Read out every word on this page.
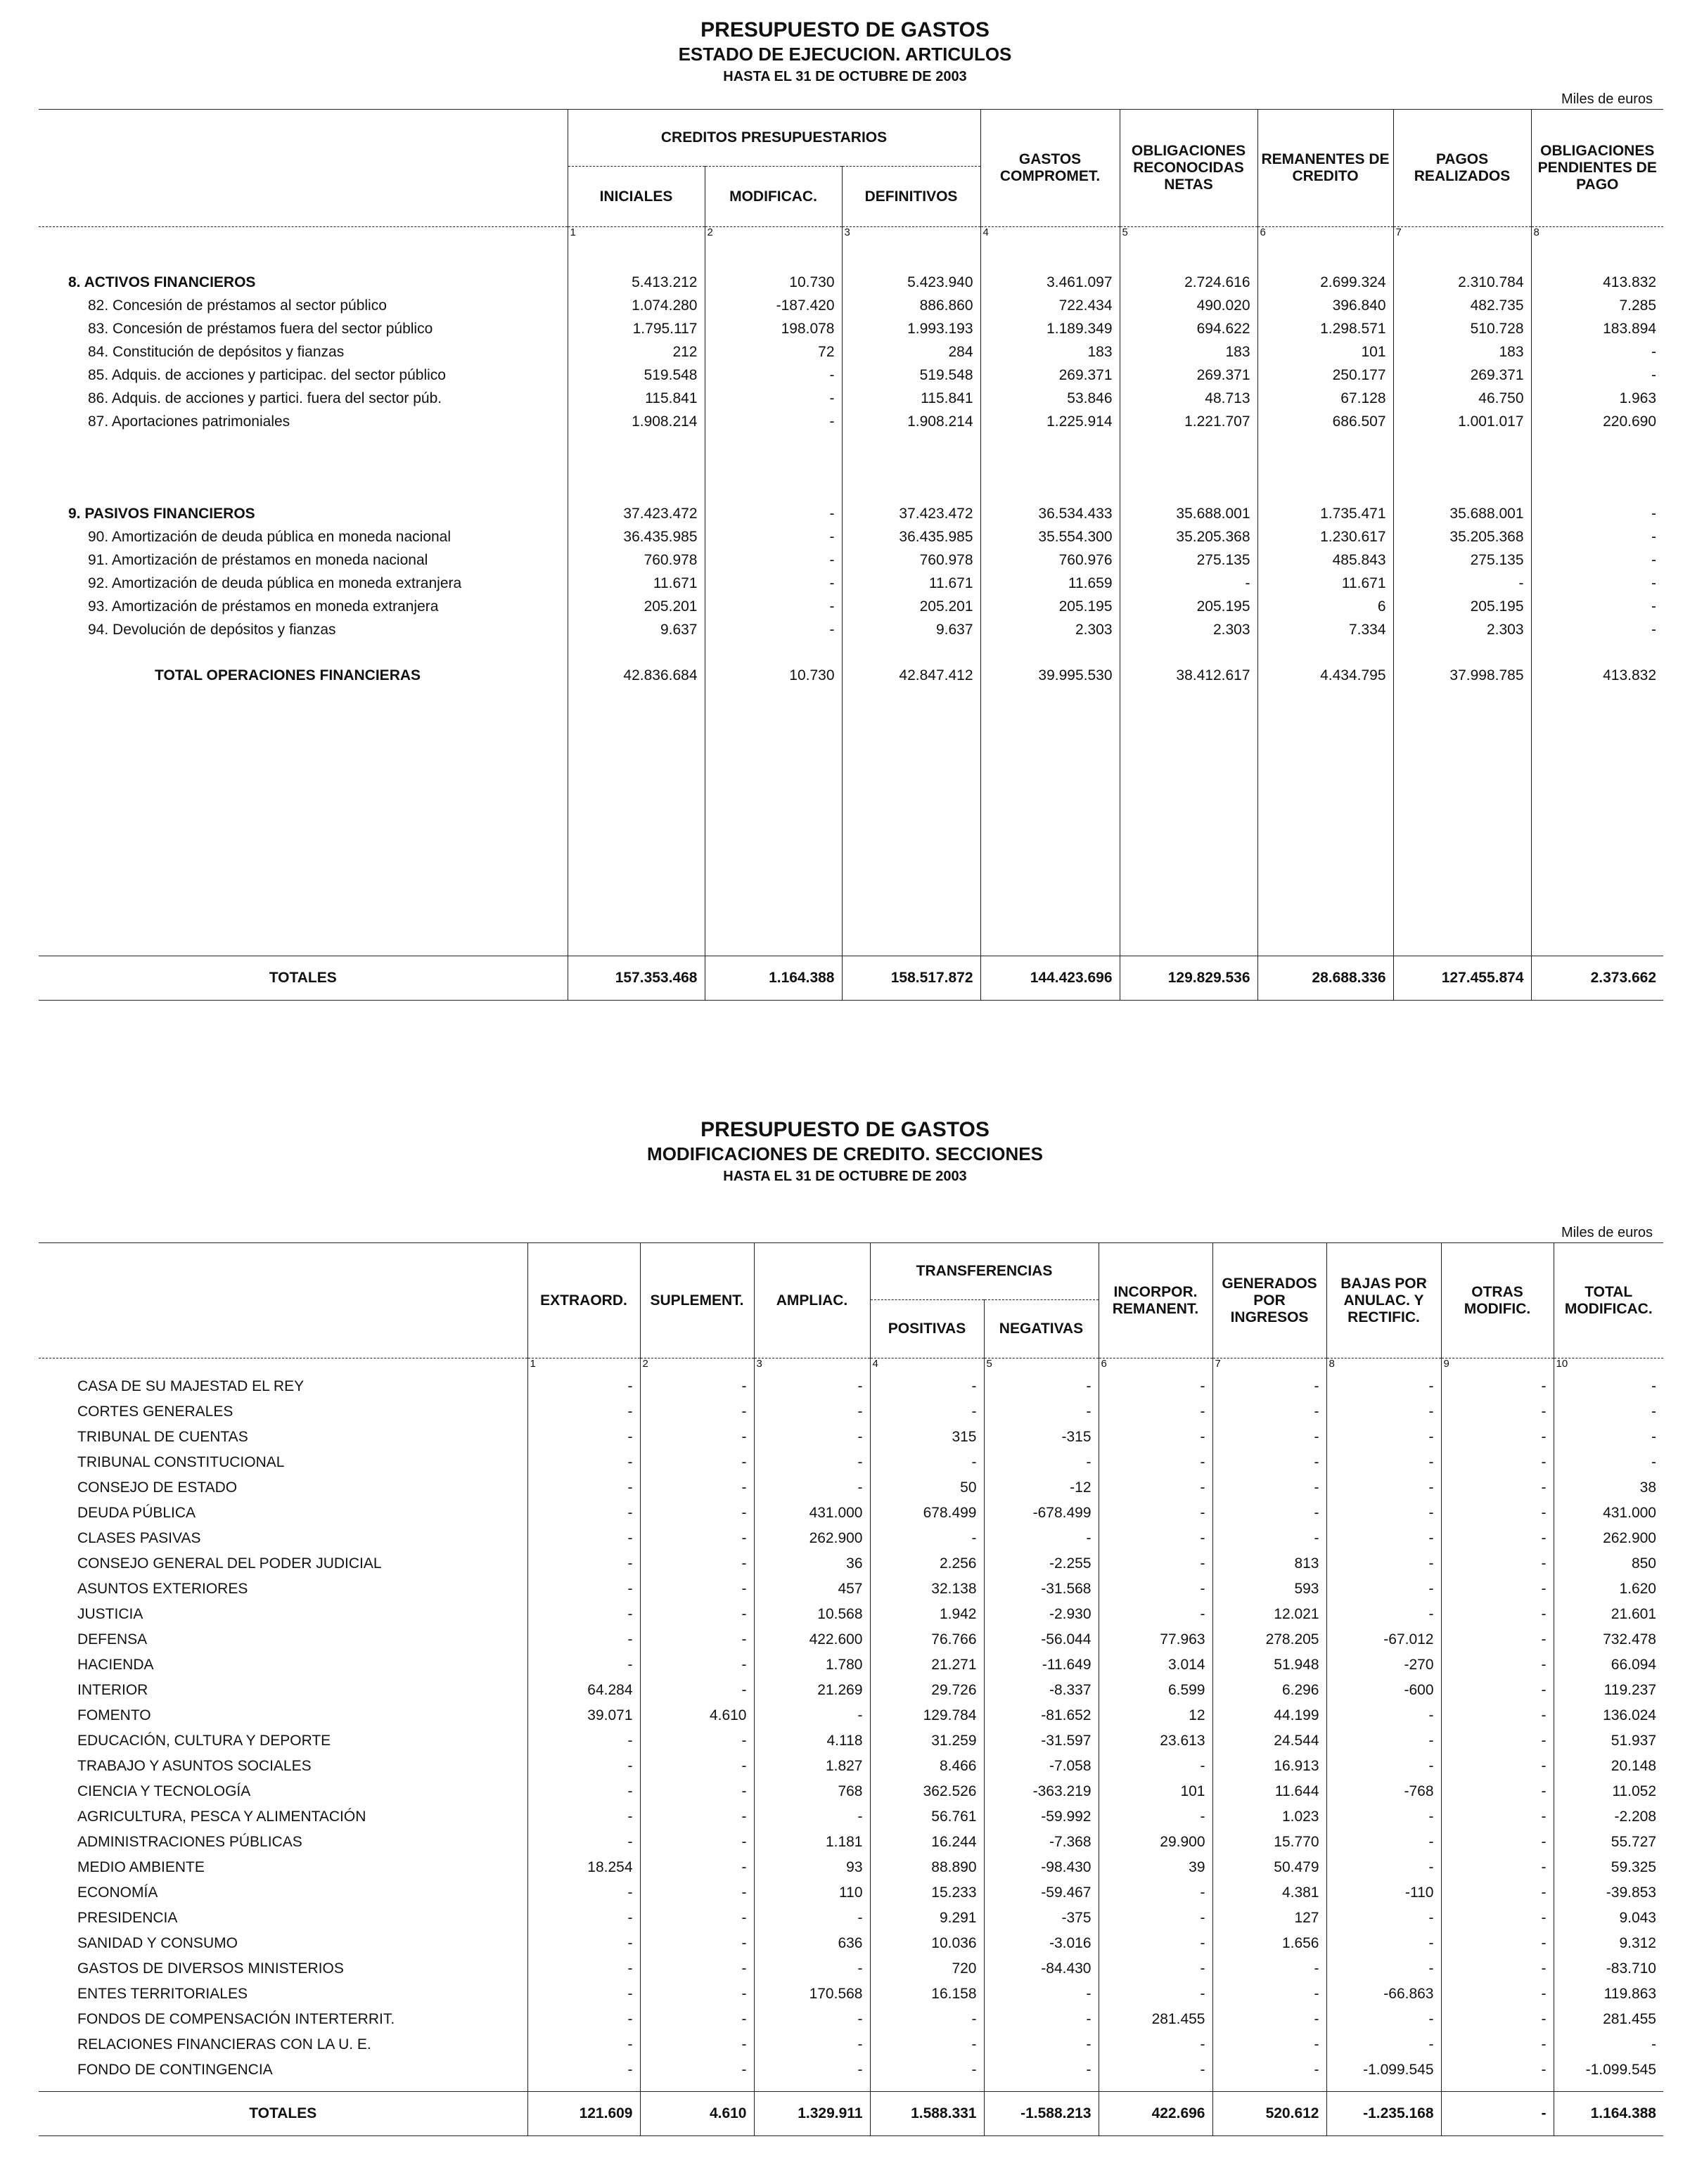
PRESUPUESTO DE GASTOS
ESTADO DE EJECUCION. ARTICULOS
HASTA EL 31 DE OCTUBRE DE 2003
Miles de euros
	CREDITOS PRESUPUESTARIOS			GASTOS COMPROMET.	OBLIGACIONES RECONOCIDAS NETAS	REMANENTES DE CREDITO	PAGOS REALIZADOS	OBLIGACIONES PENDIENTES DE PAGO
	INICIALES	MODIFICAC.	DEFINITIVOS					
	1	2	3	4	5	6	7	8

8. ACTIVOS FINANCIEROS	5.413.212	10.730	5.423.940	3.461.097	2.724.616	2.699.324	2.310.784	413.832
82. Concesión de préstamos al sector público	1.074.280	-187.420	886.860	722.434	490.020	396.840	482.735	7.285
83. Concesión de préstamos fuera del sector público	1.795.117	198.078	1.993.193	1.189.349	694.622	1.298.571	510.728	183.894
84. Constitución de depósitos y fianzas	212	72	284	183	183	101	183	-
85. Adquis. de acciones y participac. del sector público	519.548	-	519.548	269.371	269.371	250.177	269.371	-
86. Adquis. de acciones y partici. fuera del sector púb.	115.841	-	115.841	53.846	48.713	67.128	46.750	1.963
87. Aportaciones patrimoniales	1.908.214	-	1.908.214	1.225.914	1.221.707	686.507	1.001.017	220.690

9. PASIVOS FINANCIEROS	37.423.472	-	37.423.472	36.534.433	35.688.001	1.735.471	35.688.001	-
90. Amortización de deuda pública en moneda nacional	36.435.985	-	36.435.985	35.554.300	35.205.368	1.230.617	35.205.368	-
91. Amortización de préstamos en moneda nacional	760.978	-	760.978	760.976	275.135	485.843	275.135	-
92. Amortización de deuda pública en moneda extranjera	11.671	-	11.671	11.659	-	11.671	-	-
93. Amortización de préstamos en moneda extranjera	205.201	-	205.201	205.195	205.195	6	205.195	-
94. Devolución de depósitos y fianzas	9.637	-	9.637	2.303	2.303	7.334	2.303	-

TOTAL OPERACIONES FINANCIERAS	42.836.684	10.730	42.847.412	39.995.530	38.412.617	4.434.795	37.998.785	413.832

TOTALES	157.353.468	1.164.388	158.517.872	144.423.696	129.829.536	28.688.336	127.455.874	2.373.662
PRESUPUESTO DE GASTOS
MODIFICACIONES DE CREDITO. SECCIONES
HASTA EL 31 DE OCTUBRE DE 2003
Miles de euros
	EXTRAORD.	SUPLEMENT.	AMPLIAC.	TRANSFERENCIAS		INCORPOR. REMANENT.	GENERADOS POR INGRESOS	BAJAS POR ANULAC. Y RECTIFIC.	OTRAS MODIFIC.	TOTAL MODIFICAC.
				POSITIVAS	NEGATIVAS					
	1	2	3	4	5	6	7	8	9	10
CASA DE SU MAJESTAD EL REY	-	-	-	-	-	-	-	-	-	-
CORTES GENERALES	-	-	-	-	-	-	-	-	-	-
TRIBUNAL DE CUENTAS	-	-	-	315	-315	-	-	-	-	-
TRIBUNAL CONSTITUCIONAL	-	-	-	-	-	-	-	-	-	-
CONSEJO DE ESTADO	-	-	-	50	-12	-	-	-	-	38
DEUDA PÚBLICA	-	-	431.000	678.499	-678.499	-	-	-	-	431.000
CLASES PASIVAS	-	-	262.900	-	-	-	-	-	-	262.900
CONSEJO GENERAL DEL PODER JUDICIAL	-	-	36	2.256	-2.255	-	813	-	-	850
ASUNTOS EXTERIORES	-	-	457	32.138	-31.568	-	593	-	-	1.620
JUSTICIA	-	-	10.568	1.942	-2.930	-	12.021	-	-	21.601
DEFENSA	-	-	422.600	76.766	-56.044	77.963	278.205	-67.012	-	732.478
HACIENDA	-	-	1.780	21.271	-11.649	3.014	51.948	-270	-	66.094
INTERIOR	64.284	-	21.269	29.726	-8.337	6.599	6.296	-600	-	119.237
FOMENTO	39.071	4.610	-	129.784	-81.652	12	44.199	-	-	136.024
EDUCACIÓN, CULTURA Y DEPORTE	-	-	4.118	31.259	-31.597	23.613	24.544	-	-	51.937
TRABAJO Y ASUNTOS SOCIALES	-	-	1.827	8.466	-7.058	-	16.913	-	-	20.148
CIENCIA Y TECNOLOGÍA	-	-	768	362.526	-363.219	101	11.644	-768	-	11.052
AGRICULTURA, PESCA Y ALIMENTACIÓN	-	-	-	56.761	-59.992	-	1.023	-	-	-2.208
ADMINISTRACIONES PÚBLICAS	-	-	1.181	16.244	-7.368	29.900	15.770	-	-	55.727
MEDIO AMBIENTE	18.254	-	93	88.890	-98.430	39	50.479	-	-	59.325
ECONOMÍA	-	-	110	15.233	-59.467	-	4.381	-110	-	-39.853
PRESIDENCIA	-	-	-	9.291	-375	-	127	-	-	9.043
SANIDAD Y CONSUMO	-	-	636	10.036	-3.016	-	1.656	-	-	9.312
GASTOS DE DIVERSOS MINISTERIOS	-	-	-	720	-84.430	-	-	-	-	-83.710
ENTES TERRITORIALES	-	-	170.568	16.158	-	-	-	-66.863	-	119.863
FONDOS DE COMPENSACIÓN INTERTERRIT.	-	-	-	-	-	281.455	-	-	-	281.455
RELACIONES FINANCIERAS CON LA U. E.	-	-	-	-	-	-	-	-	-	-
FONDO DE CONTINGENCIA	-	-	-	-	-	-	-	-1.099.545	-	-1.099.545

TOTALES	121.609	4.610	1.329.911	1.588.331	-1.588.213	422.696	520.612	-1.235.168	-	1.164.388
